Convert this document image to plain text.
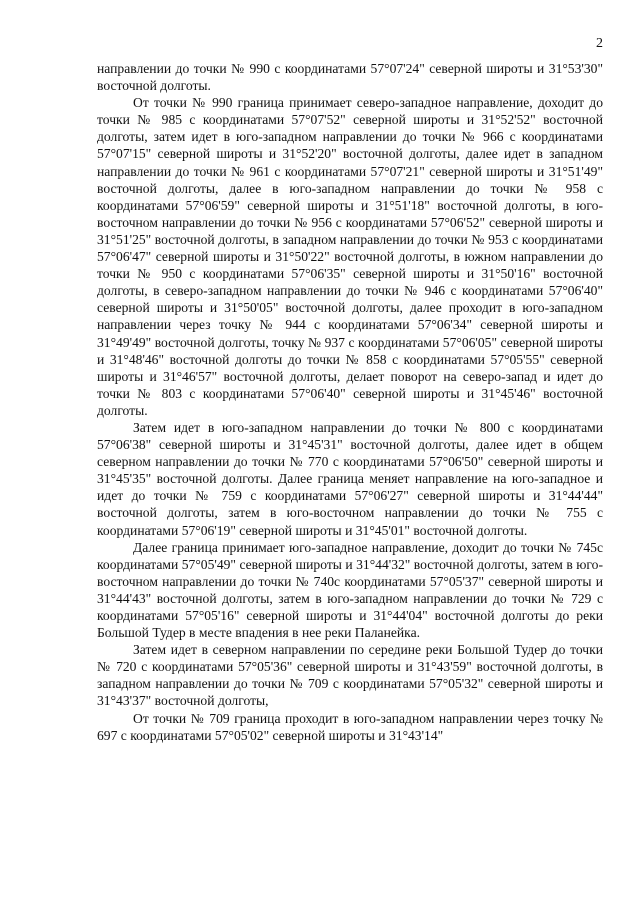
2

направлении до точки № 990 с координатами 57°07'24" северной широты и 31°53'30" восточной долготы.

От точки № 990 граница принимает северо-западное направление, доходит до точки № 985 с координатами 57°07'52" северной широты и 31°52'52" восточной долготы, затем идет в юго-западном направлении до точки № 966 с координатами 57°07'15" северной широты и 31°52'20" восточной долготы, далее идет в западном направлении до точки № 961 с координатами 57°07'21" северной широты и 31°51'49" восточной долготы, далее в юго-западном направлении до точки № 958 с координатами 57°06'59" северной широты и 31°51'18" восточной долготы, в юго-восточном направлении до точки № 956 с координатами 57°06'52" северной широты и 31°51'25" восточной долготы, в западном направлении до точки № 953 с координатами 57°06'47" северной широты и 31°50'22" восточной долготы, в южном направлении до точки № 950 с координатами 57°06'35" северной широты и 31°50'16" восточной долготы, в северо-западном направлении до точки № 946 с координатами 57°06'40" северной широты и 31°50'05" восточной долготы, далее проходит в юго-западном направлении через точку № 944 с координатами 57°06'34" северной широты и 31°49'49" восточной долготы, точку № 937 с координатами 57°06'05" северной широты и 31°48'46" восточной долготы до точки № 858 с координатами 57°05'55" северной широты и 31°46'57" восточной долготы, делает поворот на северо-запад и идет до точки № 803 с координатами 57°06'40" северной широты и 31°45'46" восточной долготы.

Затем идет в юго-западном направлении до точки № 800 с координатами 57°06'38" северной широты и 31°45'31" восточной долготы, далее идет в общем северном направлении до точки № 770 с координатами 57°06'50" северной широты и 31°45'35" восточной долготы. Далее граница меняет направление на юго-западное и идет до точки № 759 с координатами 57°06'27" северной широты и 31°44'44" восточной долготы, затем в юго-восточном направлении до точки № 755 с координатами 57°06'19" северной широты и 31°45'01" восточной долготы.

Далее граница принимает юго-западное направление, доходит до точки № 745с координатами 57°05'49" северной широты и 31°44'32" восточной долготы, затем в юго-восточном направлении до точки № 740с координатами 57°05'37" северной широты и 31°44'43" восточной долготы, затем в юго-западном направлении до точки № 729 с координатами 57°05'16" северной широты и 31°44'04" восточной долготы до реки Большой Тудер в месте впадения в нее реки Паланейка.

Затем идет в северном направлении по середине реки Большой Тудер до точки № 720 с координатами 57°05'36" северной широты и 31°43'59" восточной долготы, в западном направлении до точки № 709 с координатами 57°05'32" северной широты и 31°43'37" восточной долготы,

От точки № 709 граница проходит в юго-западном направлении через точку № 697 с координатами 57°05'02" северной широты и 31°43'14"
